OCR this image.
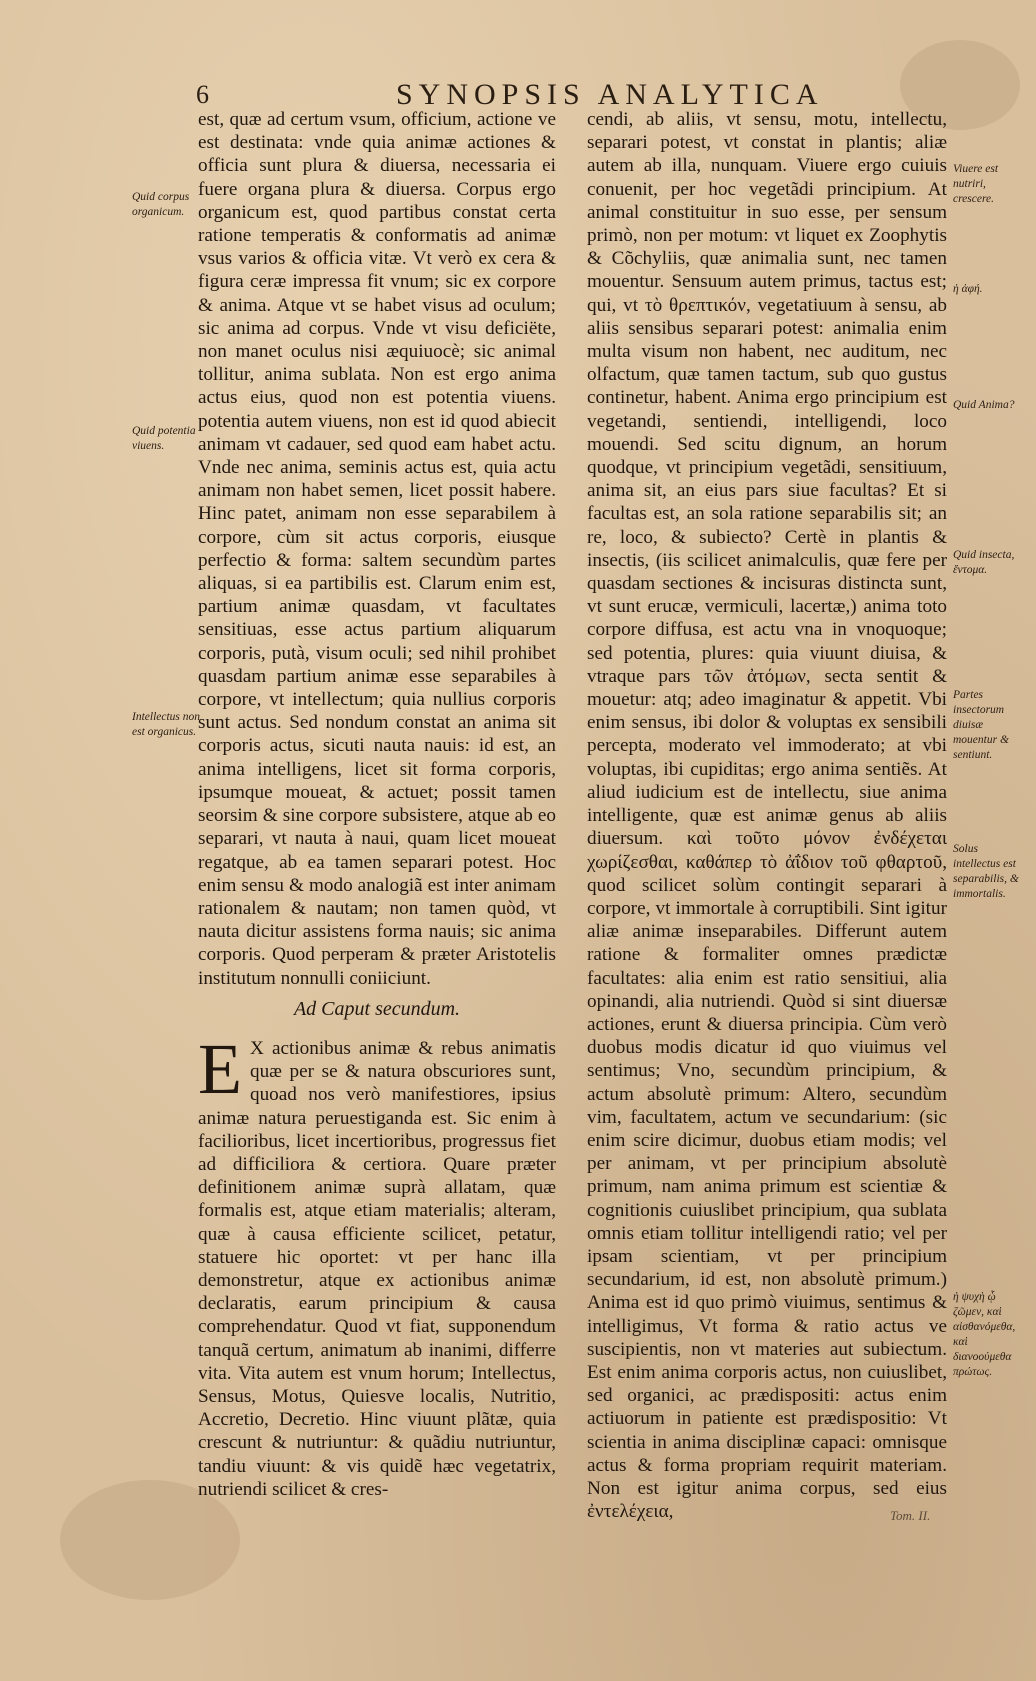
6	SYNOPSIS ANALYTICA

est, quæ ad certum vsum, officium, actione ve est destinata: vnde quia animæ actiones & officia sunt plura & diuersa, necessaria ei fuere organa plura & diuersa. Corpus ergo organicum est, quod partibus constat certa ratione temperatis & conformatis ad animæ vsus varios & officia vitæ. Vt verò ex cera & figura ceræ impressa fit vnum; sic ex corpore & anima. Atque vt se habet visus ad oculum; sic anima ad corpus. Vnde vt visu deficiëte, non manet oculus nisi æquiuocè; sic animal tollitur, anima sublata. Non est ergo anima actus eius, quod non est potentia viuens. potentia autem viuens, non est id quod abiecit animam vt cadauer, sed quod eam habet actu. Vnde nec anima, seminis actus est, quia actu animam non habet semen, licet possit habere. Hinc patet, animam non esse separabilem à corpore, cùm sit actus corporis, eiusque perfectio & forma: saltem secundùm partes aliquas, si ea partibilis est. Clarum enim est, partium animæ quasdam, vt facultates sensitiuas, esse actus partium aliquarum corporis, putà, visum oculi; sed nihil prohibet quasdam partium animæ esse separabiles à corpore, vt intellectum; quia nullius corporis sunt actus. Sed nondum constat an anima sit corporis actus, sicuti nauta nauis: id est, an anima intelligens, licet sit forma corporis, ipsumque moueat, & actuet; possit tamen seorsim & sine corpore subsistere, atque ab eo separari, vt nauta à naui, quam licet moueat regatque, ab ea tamen separari potest. Hoc enim sensu & modo analogiã est inter animam rationalem & nautam; non tamen quòd, vt nauta dicitur assistens forma nauis; sic anima corporis. Quod perperam & præter Aristotelis institutum nonnulli coniiciunt.

Ad Caput secundum.

E X actionibus animæ & rebus animatis quæ per se & natura obscuriores sunt, quoad nos verò manifestiores, ipsius animæ natura peruestiganda est. Sic enim à facilioribus, licet incertioribus, progressus fiet ad difficiliora & certiora. Quare præter definitionem animæ suprà allatam, quæ formalis est, atque etiam materialis; alteram, quæ à causa efficiente scilicet, petatur, statuere hic oportet: vt per hanc illa demonstretur, atque ex actionibus animæ declaratis, earum principium & causa comprehendatur. Quod vt fiat, supponendum tanquã certum, animatum ab inanimi, differre vita. Vita autem est vnum horum; Intellectus, Sensus, Motus, Quiesve localis, Nutritio, Accretio, Decretio. Hinc viuunt plãtæ, quia crescunt & nutriuntur: & quãdiu nutriuntur, tandiu viuunt: & vis quidẽ hæc vegetatrix, nutriendi scilicet & cres-

cendi, ab aliis, vt sensu, motu, intellectu, separari potest, vt constat in plantis; aliæ autem ab illa, nunquam. Viuere ergo cuiuis conuenit, per hoc vegetãdi principium. At animal constituitur in suo esse, per sensum primò, non per motum: vt liquet ex Zoophytis & Cõchyliis, quæ animalia sunt, nec tamen mouentur. Sensuum autem primus, tactus est; qui, vt τὸ θρεπτικόν, vegetatiuum à sensu, ab aliis sensibus separari potest: animalia enim multa visum non habent, nec auditum, nec olfactum, quæ tamen tactum, sub quo gustus continetur, habent. Anima ergo principium est vegetandi, sentiendi, intelligendi, loco mouendi. Sed scitu dignum, an horum quodque, vt principium vegetãdi, sensitiuum, anima sit, an eius pars siue facultas? Et si facultas est, an sola ratione separabilis sit; an re, loco, & subiecto? Certè in plantis & insectis, (iis scilicet animalculis, quæ fere per quasdam sectiones & incisuras distincta sunt, vt sunt erucæ, vermiculi, lacertæ,) anima toto corpore diffusa, est actu vna in vnoquoque; sed potentia, plures: quia viuunt diuisa, & vtraque pars τῶν ἀτόμων, secta sentit & mouetur: atq; adeo imaginatur & appetit. Vbi enim sensus, ibi dolor & voluptas ex sensibili percepta, moderato vel immoderato; at vbi voluptas, ibi cupiditas; ergo anima sentiẽs. At aliud iudicium est de intellectu, siue anima intelligente, quæ est animæ genus ab aliis diuersum. καὶ τοῦτο μόνον ἐνδέχεται χωρίζεσθαι, καθάπερ τὸ ἀΐδιον τοῦ φθαρτοῦ, quod scilicet solùm contingit separari à corpore, vt immortale à corruptibili. Sint igitur aliæ animæ inseparabiles. Differunt autem ratione & formaliter omnes prædictæ facultates: alia enim est ratio sensitiui, alia opinandi, alia nutriendi. Quòd si sint diuersæ actiones, erunt & diuersa principia. Cùm verò duobus modis dicatur id quo viuimus vel sentimus; Vno, secundùm principium, & actum absolutè primum: Altero, secundùm vim, facultatem, actum ve secundarium: (sic enim scire dicimur, duobus etiam modis; vel per animam, vt per principium absolutè primum, nam anima primum est scientiæ & cognitionis cuiuslibet principium, qua sublata omnis etiam tollitur intelligendi ratio; vel per ipsam scientiam, vt per principium secundarium, id est, non absolutè primum.) Anima est id quo primò viuimus, sentimus & intelligimus, Vt forma & ratio actus ve suscipientis, non vt materies aut subiectum. Est enim anima corporis actus, non cuiuslibet, sed organici, ac prædispositi: actus enim actiuorum in patiente est prædispositio: Vt scientia in anima disciplinæ capaci: omnisque actus & forma propriam requirit materiam. Non est igitur anima corpus, sed eius ἐντελέχεια,

Quid corpus organicum.
Quid potentia viuens.
Intellectus non est organicus.
Viuere est nutriri, crescere.
ἡ ἀφή.
Quid Anima?
Quid insecta, ἔντομα.
Partes insectorum diuisæ mouentur & sentiunt.
Solus intellectus est separabilis, & immortalis.
ἡ ψυχὴ ᾧ ζῶμεν, καὶ αἰσθανόμεθα, καὶ διανοούμεθα πρώτως.
Tom. II.
